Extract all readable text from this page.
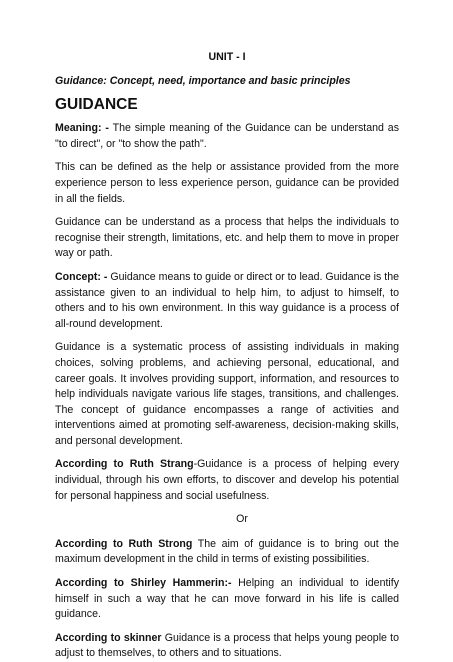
UNIT - I
Guidance: Concept, need, importance and basic principles
GUIDANCE

Meaning: - The simple meaning of the Guidance can be understand as "to direct", or "to show the path".

This can be defined as the help or assistance provided from the more experience person to less experience person, guidance can be provided in all the fields.

Guidance can be understand as a process that helps the individuals to recognise their strength, limitations, etc. and help them to move in proper way or path.

Concept: - Guidance means to guide or direct or to lead. Guidance is the assistance given to an individual to help him, to adjust to himself, to others and to his own environment. In this way guidance is a process of all-round development.

Guidance is a systematic process of assisting individuals in making choices, solving problems, and achieving personal, educational, and career goals. It involves providing support, information, and resources to help individuals navigate various life stages, transitions, and challenges. The concept of guidance encompasses a range of activities and interventions aimed at promoting self-awareness, decision-making skills, and personal development.

According to Ruth Strang-Guidance is a process of helping every individual, through his own efforts, to discover and develop his potential for personal happiness and social usefulness.

Or

According to Ruth Strong The aim of guidance is to bring out the maximum development in the child in terms of existing possibilities.

According to Shirley Hammerin:- Helping an individual to identify himself in such a way that he can move forward in his life is called guidance.

According to skinner Guidance is a process that helps young people to adjust to themselves, to others and to situations.
